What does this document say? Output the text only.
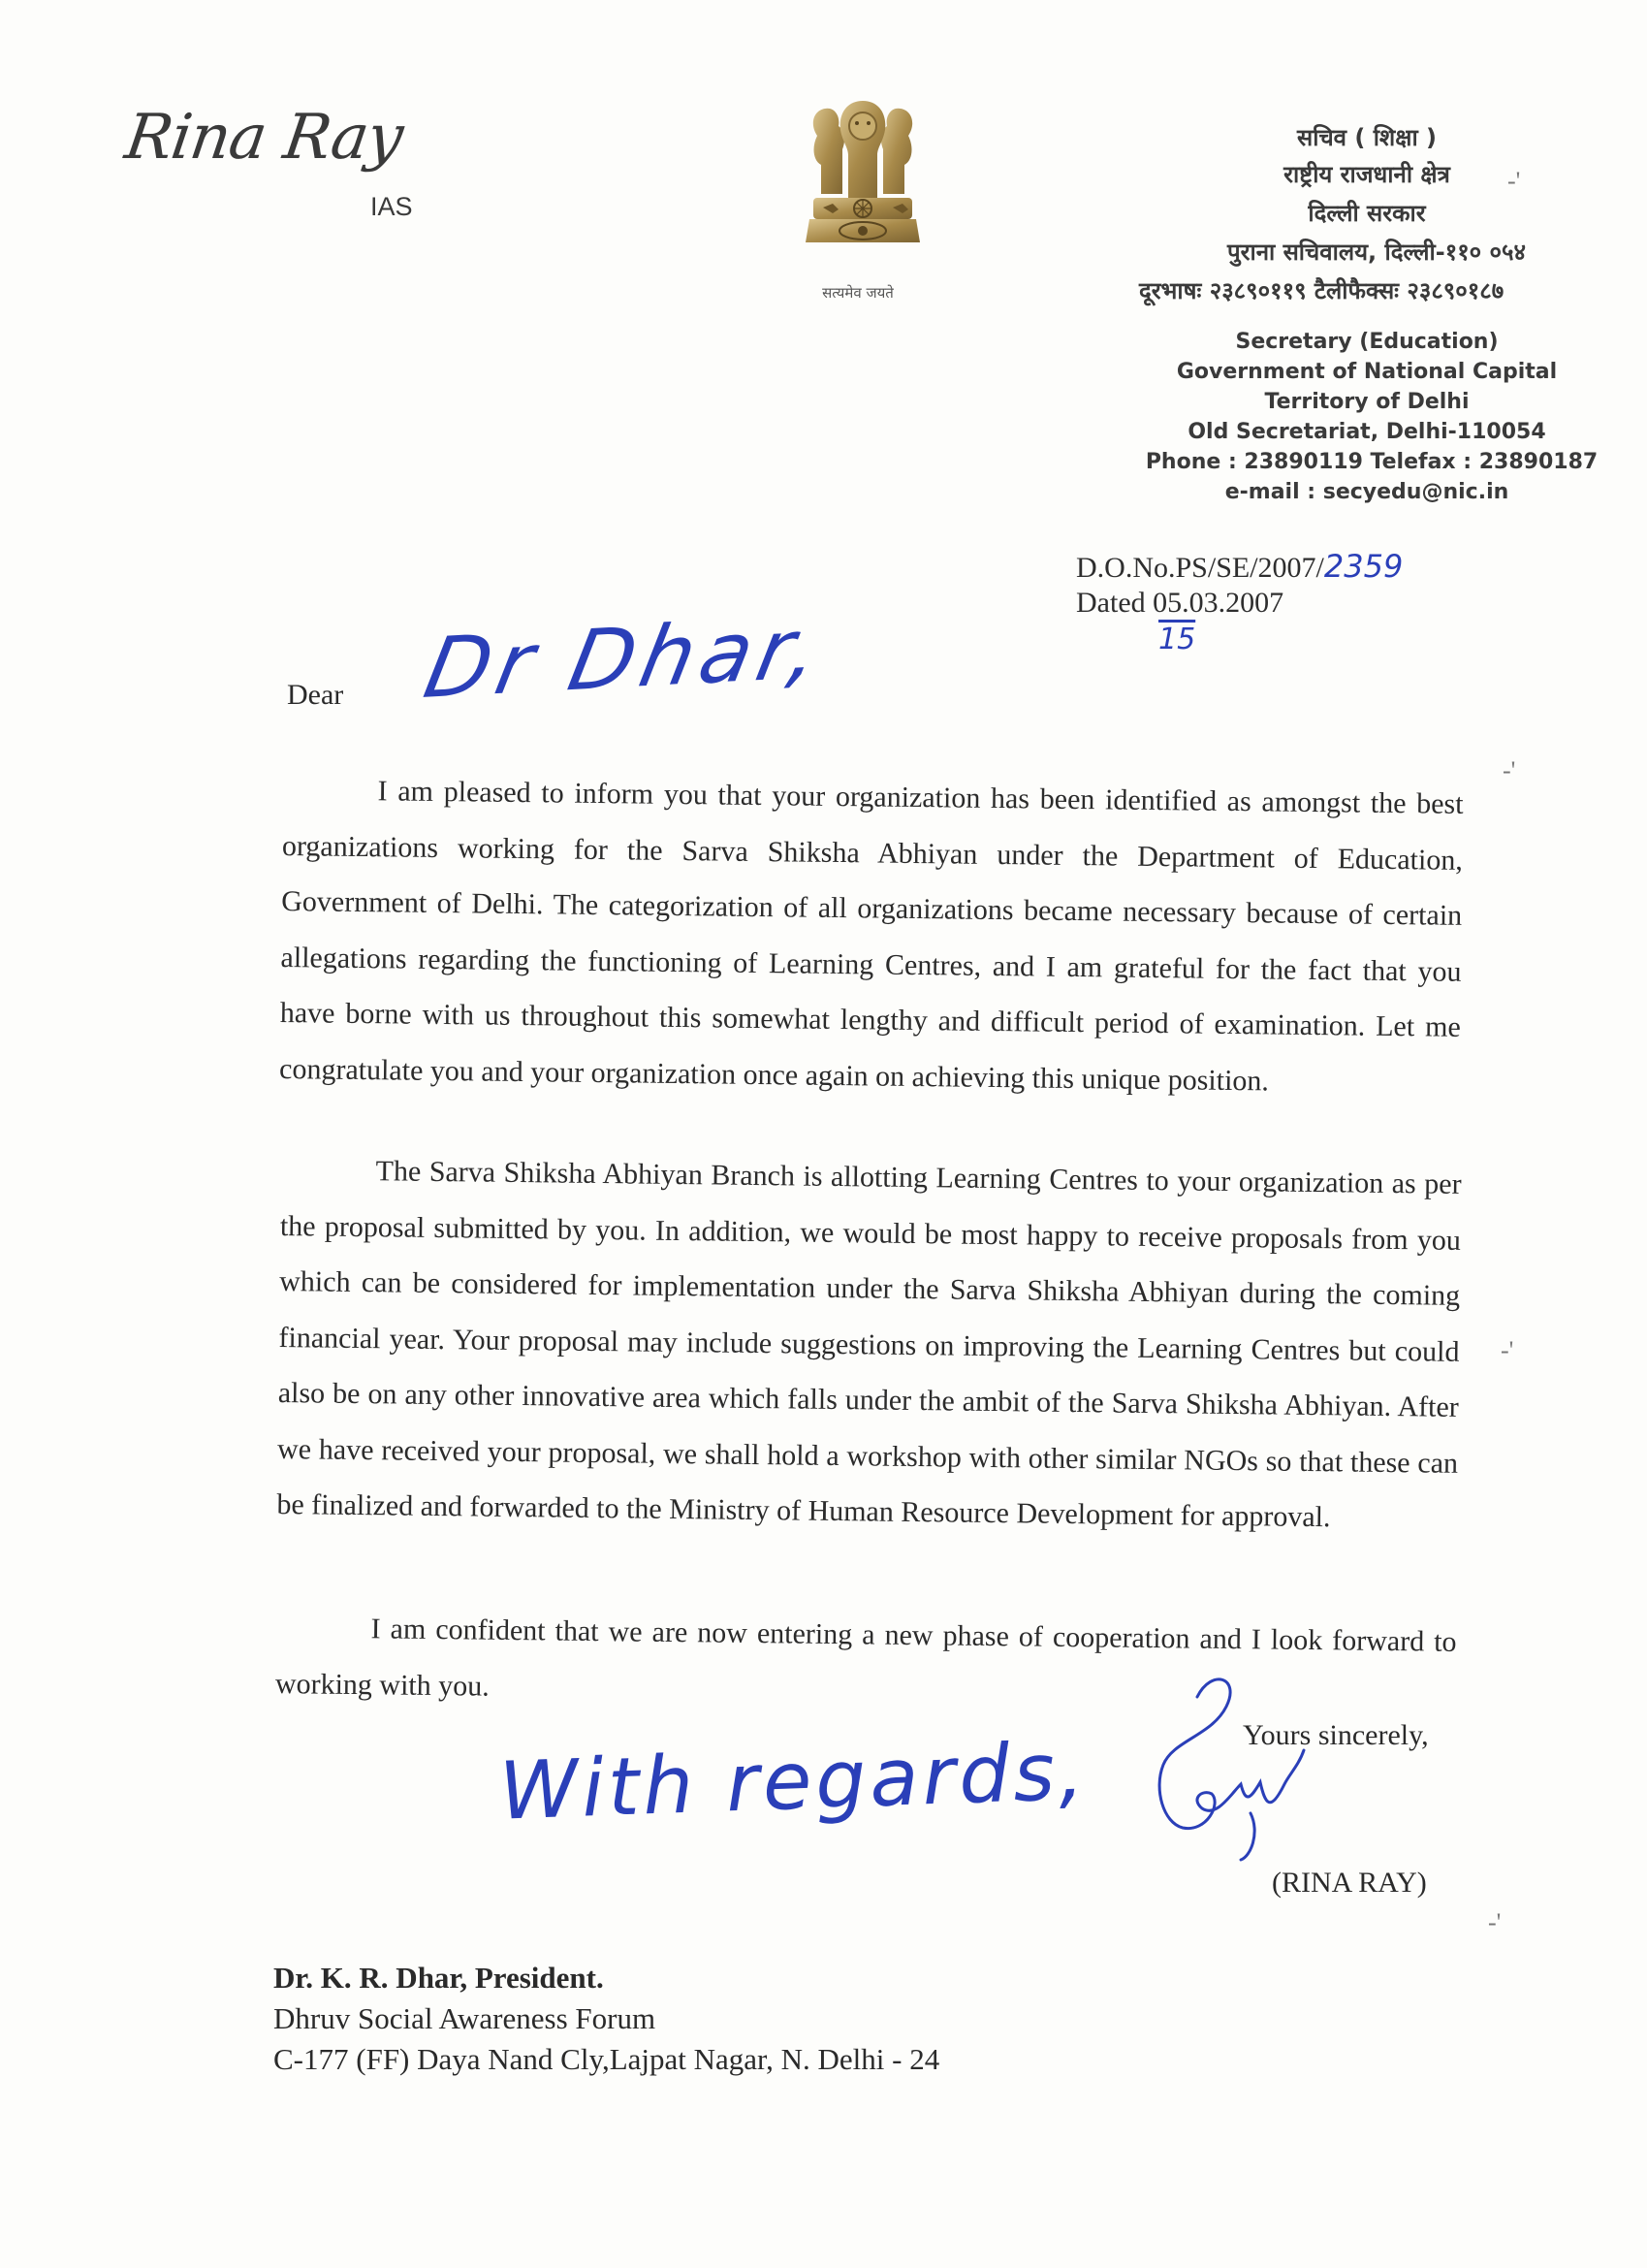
Rina Ray
IAS
सत्यमेव जयते
सचिव ( शिक्षा )
राष्ट्रीय राजधानी क्षेत्र
दिल्ली सरकार
पुराना सचिवालय, दिल्ली-११० ०५४
दूरभाषः २३८९०११९ टैलीफैक्सः २३८९०१८७
Secretary (Education)
Government of National Capital
Territory of Delhi
Old Secretariat, Delhi-110054
Phone : 23890119 Telefax : 23890187
e-mail : secyedu@nic.in
D.O.No.PS/SE/2007/2359
Dated 05.03.2007
15
Dear Dr Dhar,

I am pleased to inform you that your organization has been identified as amongst the best organizations working for the Sarva Shiksha Abhiyan under the Department of Education, Government of Delhi. The categorization of all organizations became necessary because of certain allegations regarding the functioning of Learning Centres, and I am grateful for the fact that you have borne with us throughout this somewhat lengthy and difficult period of examination. Let me congratulate you and your organization once again on achieving this unique position.

The Sarva Shiksha Abhiyan Branch is allotting Learning Centres to your organization as per the proposal submitted by you. In addition, we would be most happy to receive proposals from you which can be considered for implementation under the Sarva Shiksha Abhiyan during the coming financial year. Your proposal may include suggestions on improving the Learning Centres but could also be on any other innovative area which falls under the ambit of the Sarva Shiksha Abhiyan. After we have received your proposal, we shall hold a workshop with other similar NGOs so that these can be finalized and forwarded to the Ministry of Human Resource Development for approval.

I am confident that we are now entering a new phase of cooperation and I look forward to working with you.

Yours sincerely,
With regards,
(RINA RAY)
Dr. K. R. Dhar, President.
Dhruv Social Awareness Forum
C-177 (FF) Daya Nand Cly,Lajpat Nagar, N. Delhi - 24
-'
-'
-'
-'
